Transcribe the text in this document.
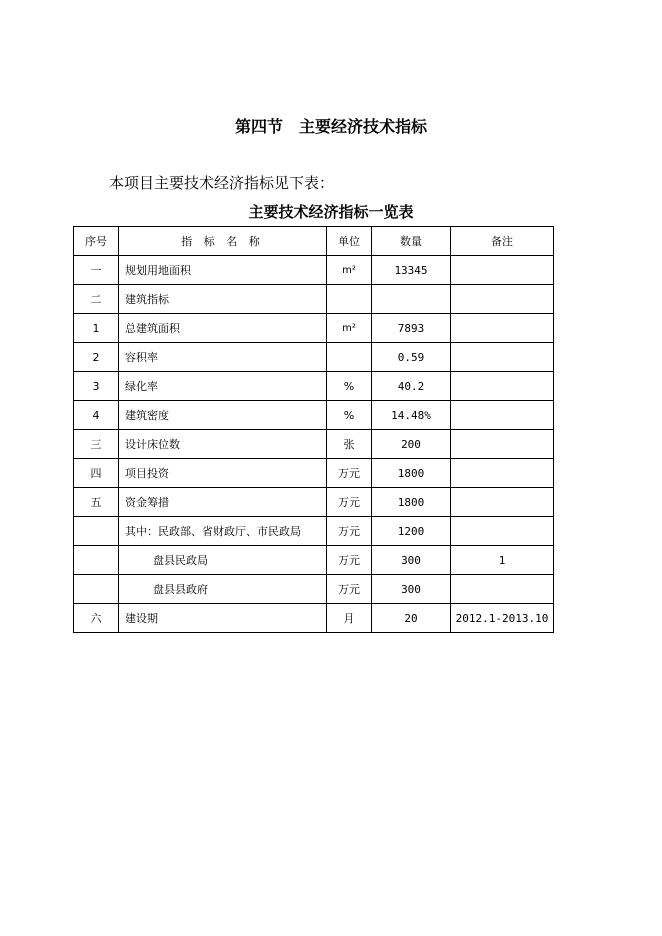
第四节　主要经济技术指标
本项目主要技术经济指标见下表：
主要技术经济指标一览表
序号	指 标 名 称	单位	数量	备注
一	规划用地面积	m²	13345	
二	建筑指标			
1	总建筑面积	m²	7893	
2	容积率		0.59	
3	绿化率	%	40.2	
4	建筑密度	%	14.48%	
三	设计床位数	张	200	
四	项目投资	万元	1800	
五	资金筹措	万元	1800	
	其中：民政部、省财政厅、市民政局	万元	1200	
	盘县民政局	万元	300	1
	盘县县政府	万元	300	
六	建设期	月	20	2012.1-2013.10
